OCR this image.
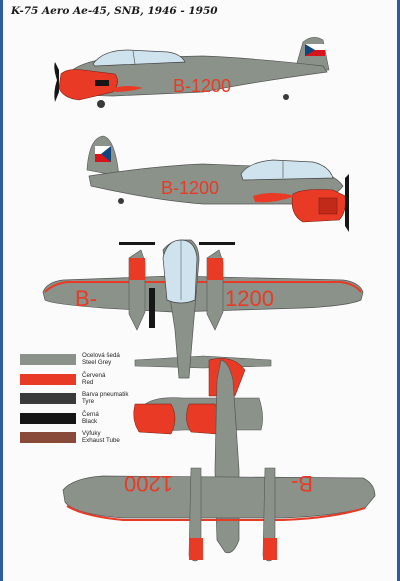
K-75 Aero Ae-45, SNB, 1946 - 1950
B-1200
B-1200
B-	1200
1200	B-
Ocelová šedá
Steel Grey
Červená
Red
Barva pneumatik
Tyre
Černá
Black
Výfuky
Exhaust Tube
